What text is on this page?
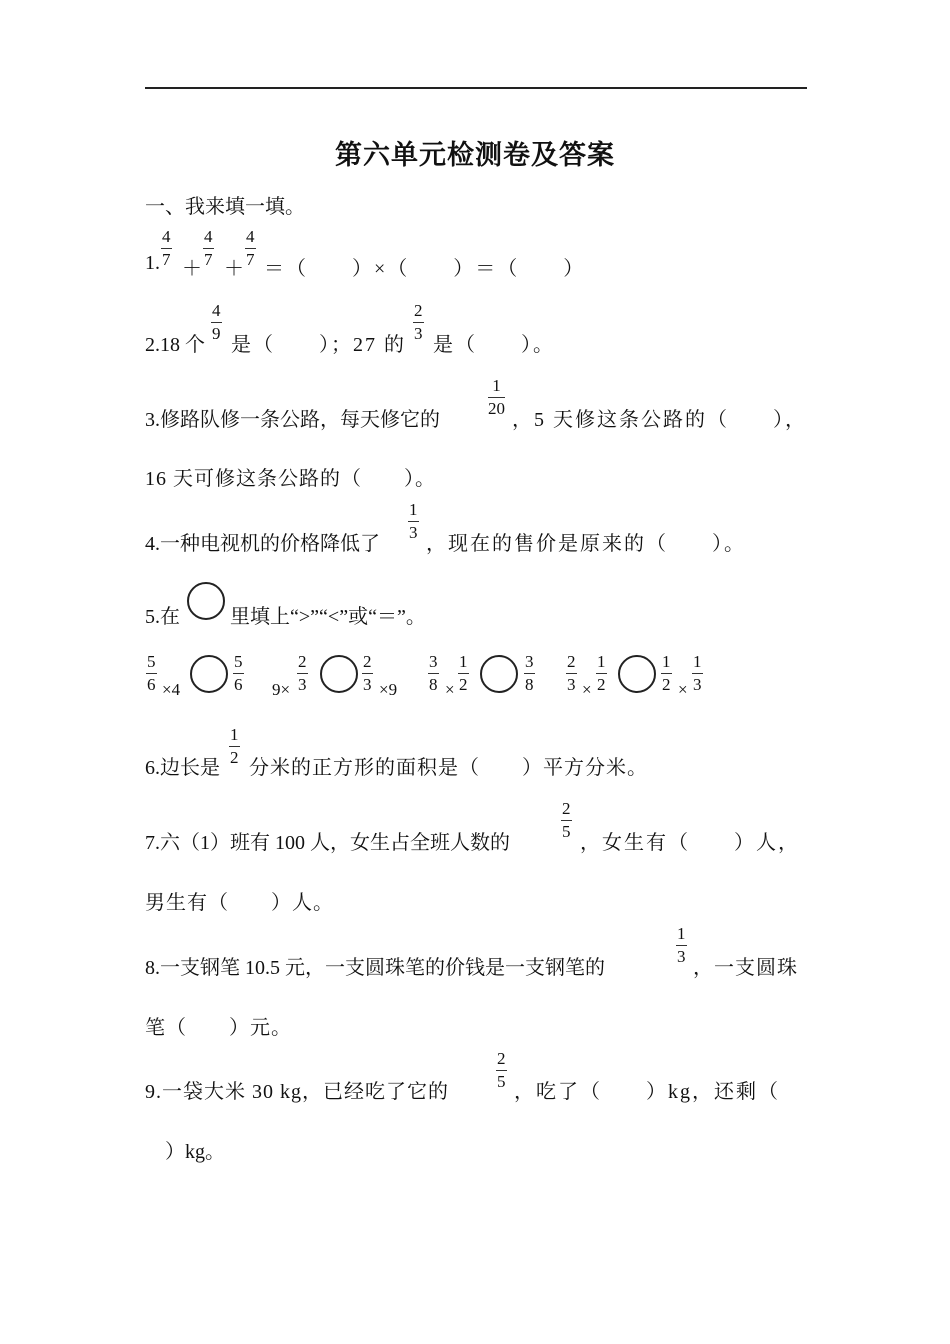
第六单元检测卷及答案
一、我来填一填。
1. $\frac{4}{7}$
＋
$\frac{4}{7}$
＋
$\frac{4}{7}$
＝（　　）×（　　）＝（　　）
2.18 个
$\frac{4}{9}$
是（　　）；27 的
$\frac{2}{3}$
是（　　）。
3.修路队修一条公路，每天修它的
$\frac{1}{20}$
，5 天修这条公路的（　　），
16 天可修这条公路的（　　）。
4.一种电视机的价格降低了
$\frac{1}{3}$
，现在的售价是原来的（　　）。
5.在	里填上“>”“<”或“＝”。
$\frac{5}{6} \times 4$	$\frac{5}{6} 9\times \frac{2}{3}$	$\frac{2}{3} \times 9 \frac{3}{8} \times \frac{1}{2}$	$\frac{3}{8} \frac{2}{3} \times \frac{1}{2}$	$\frac{1}{2} \times \frac{1}{3}$
6.边长是
$\frac{1}{2}$
分米的正方形的面积是（　　）平方分米。
7.六（1）班有 100 人，女生占全班人数的
$\frac{2}{5}$
，女生有（　　）人，
男生有（　　）人。
8.一支钢笔 10.5 元，一支圆珠笔的价钱是一支钢笔的
$\frac{1}{3}$
，一支圆珠
笔（　　）元。
9.一袋大米 30 kg，已经吃了它的
$\frac{2}{5}$
，吃了（　　）kg，还剩（
）kg。
